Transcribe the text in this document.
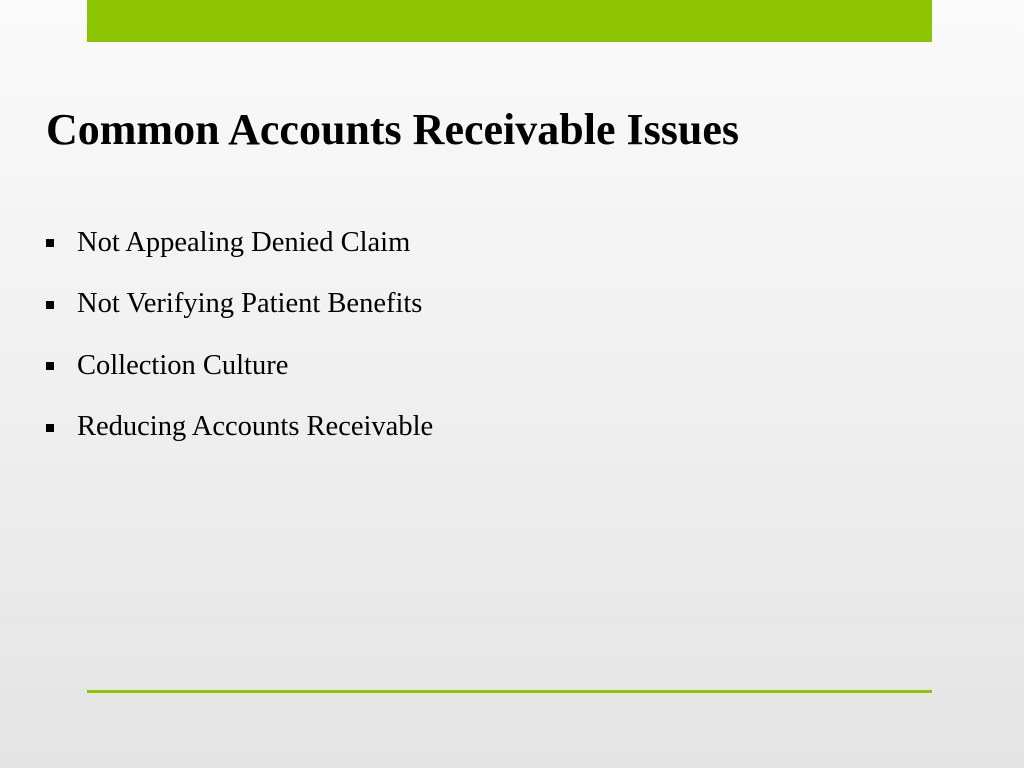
Common Accounts Receivable Issues
Not Appealing Denied Claim
Not Verifying Patient Benefits
Collection Culture
Reducing Accounts Receivable
